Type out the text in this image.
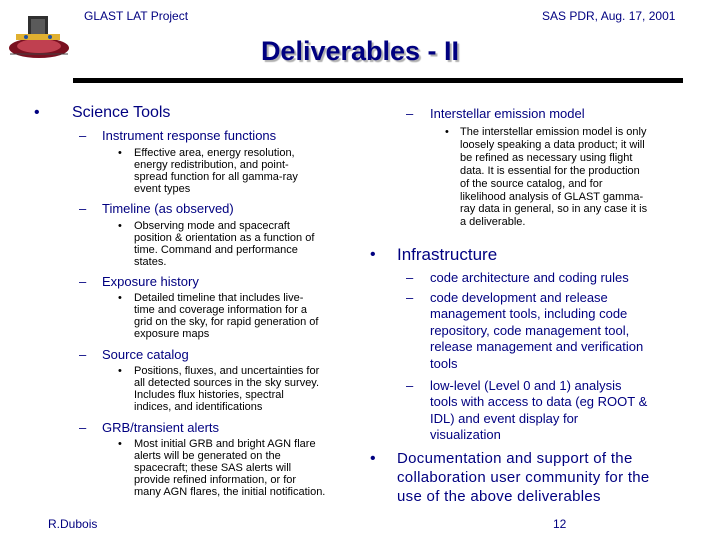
GLAST LAT Project	SAS PDR, Aug. 17, 2001
Deliverables - II
• Science Tools
– Instrument response functions
• Effective area, energy resolution,
energy redistribution, and point-
spread function for all gamma-ray
event types
– Timeline (as observed)
• Observing mode and spacecraft
position & orientation as a function of
time. Command and performance
states.
– Exposure history
• Detailed timeline that includes live-
time and coverage information for a
grid on the sky, for rapid generation of
exposure maps
– Source catalog
• Positions, fluxes, and uncertainties for
all detected sources in the sky survey.
Includes flux histories, spectral
indices, and identifications
– GRB/transient alerts
• Most initial GRB and bright AGN flare
alerts will be generated on the
spacecraft; these SAS alerts will
provide refined information, or for
many AGN flares, the initial notification.
– Interstellar emission model
• The interstellar emission model is only
loosely speaking a data product; it will
be refined as necessary using flight
data. It is essential for the production
of the source catalog, and for
likelihood analysis of GLAST gamma-
ray data in general, so in any case it is
a deliverable.
• Infrastructure
– code architecture and coding rules
– code development and release
management tools, including code
repository, code management tool,
release management and verification
tools
– low-level (Level 0 and 1) analysis
tools with access to data (eg ROOT &
IDL) and event display for
visualization
• Documentation and support of the
collaboration user community for the
use of the above deliverables
R.Dubois	12
